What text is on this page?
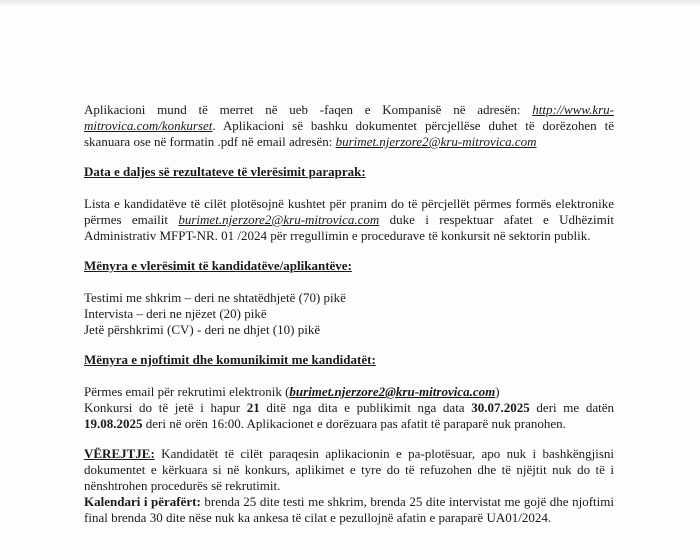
Aplikacioni mund të merret në ueb -faqen e Kompanisë në adresën: http://www.kru-mitrovica.com/konkurset. Aplikacioni së bashku dokumentet përcjellëse duhet të dorëzohen të skanuara ose në formatin .pdf në email adresën: burimet.njerzore2@kru-mitrovica.com

Data e daljes së rezultateve të vlerësimit paraprak:

Lista e kandidatëve të cilët plotësojnë kushtet për pranim do të përcjellët përmes formës elektronike përmes emailit burimet.njerzore2@kru-mitrovica.com duke i respektuar afatet e Udhëzimit Administrativ MFPT-NR. 01 /2024 për rregullimin e procedurave të konkursit në sektorin publik.

Mënyra e vlerësimit të kandidatëve/aplikantëve:

Testimi me shkrim – deri ne shtatëdhjetë (70) pikë

Intervista – deri ne njëzet (20) pikë

Jetë përshkrimi (CV) - deri ne dhjet (10) pikë

Mënyra e njoftimit dhe komunikimit me kandidatët:

Përmes email për rekrutimi elektronik (burimet.njerzore2@kru-mitrovica.com)

Konkursi do të jetë i hapur 21 ditë nga dita e publikimit nga data 30.07.2025 deri me datën 19.08.2025 deri në orën 16:00. Aplikacionet e dorëzuara pas afatit të paraparë nuk pranohen.

VËREJTJE: Kandidatët të cilët paraqesin aplikacionin e pa-plotësuar, apo nuk i bashkëngjisni dokumentet e kërkuara si në konkurs, aplikimet e tyre do të refuzohen dhe të njëjtit nuk do të i nënshtrohen procedurës së rekrutimit.

Kalendari i përafërt: brenda 25 dite testi me shkrim, brenda 25 dite intervistat me gojë dhe njoftimi final brenda 30 dite nëse nuk ka ankesa të cilat e pezullojnë afatin e paraparë UA01/2024.
